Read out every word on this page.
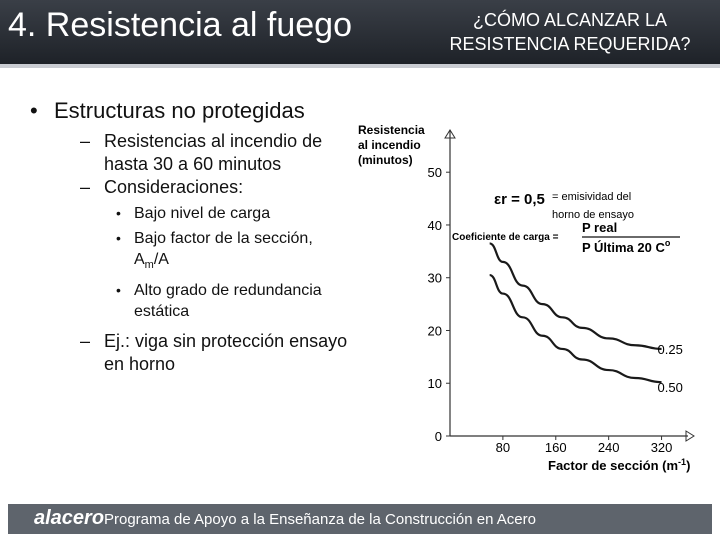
4. Resistencia al fuego	¿CÓMO ALCANZAR LA
RESISTENCIA REQUERIDA?
• Estructuras no protegidas
– Resistencias al incendio de hasta 30 a 60 minutos
– Consideraciones:
• Bajo nivel de carga
• Bajo factor de la sección,
$A_m/A$
• Alto grado de redundancia estática
– Ej.: viga sin protección ensayo en horno
80	160 240 320
0
10
20
30
40
50
0.25
0.50
Resistencia
al incendio
(minutos)
εr = 0,5 = emisividad del
horno de ensayo
Coeficiente de carga =
P real
P Última 20 $C^o$
Factor de sección $(m^{-1})$
alacero Programa de Apoyo a la Enseñanza de la Construcción en Acero
